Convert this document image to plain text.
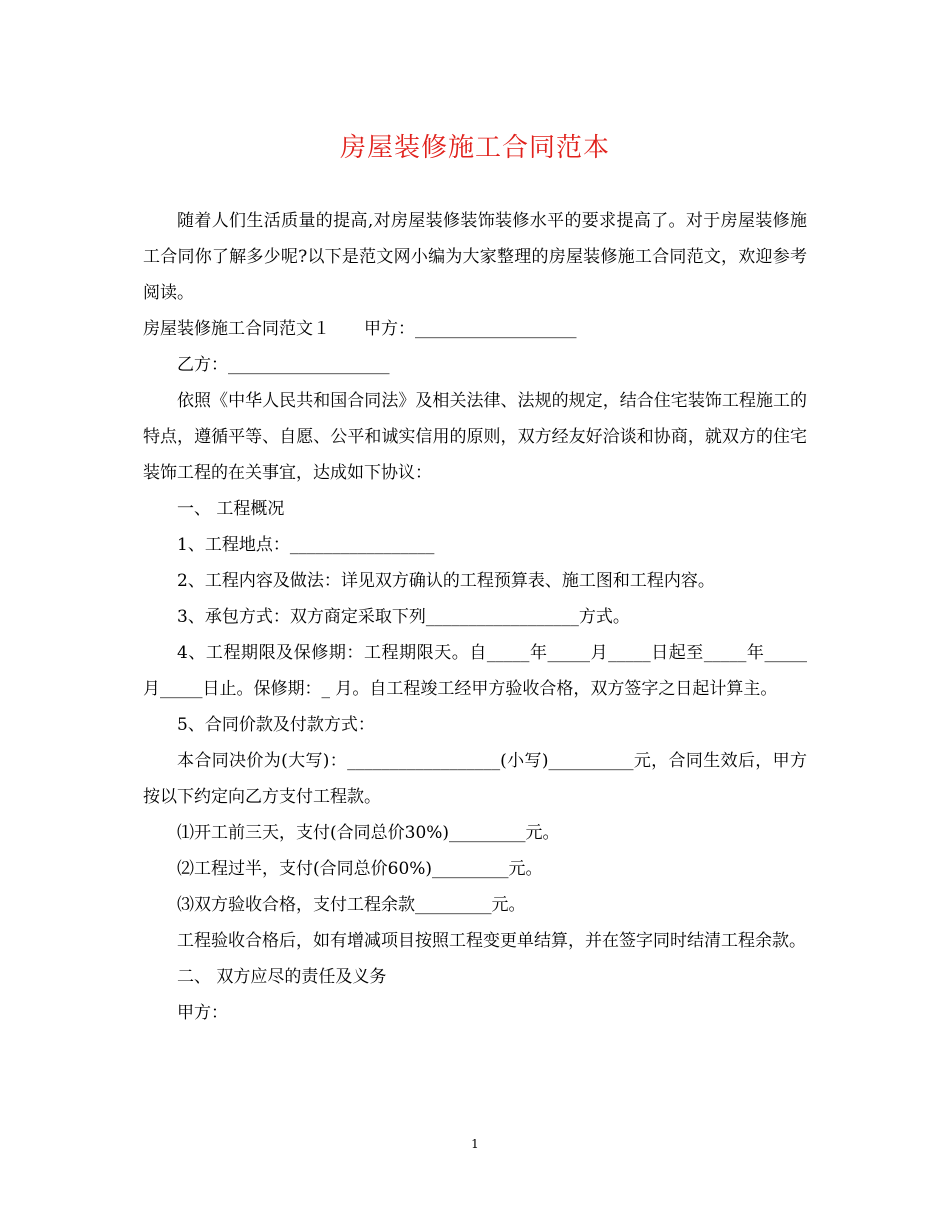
房屋装修施工合同范本

随着人们生活质量的提高,对房屋装修装饰装修水平的要求提高了。对于房屋装修施工合同你了解多少呢?以下是范文网小编为大家整理的房屋装修施工合同范文，欢迎参考阅读。

房屋装修施工合同范文１　　甲方：___________________

乙方：___________________

依照《中华人民共和国合同法》及相关法律、法规的规定，结合住宅装饰工程施工的特点，遵循平等、自愿、公平和诚实信用的原则，双方经友好洽谈和协商，就双方的住宅装饰工程的在关事宜，达成如下协议：

一、 工程概况

1、工程地点：_________________

2、工程内容及做法：详见双方确认的工程预算表、施工图和工程内容。

3、承包方式：双方商定采取下列__________________方式。

4、工程期限及保修期：工程期限天。自_____年_____月_____日起至_____年_____月_____日止。保修期：_ 月。自工程竣工经甲方验收合格，双方签字之日起计算主。

5、合同价款及付款方式：

本合同决价为(大写)：__________________(小写)__________元，合同生效后，甲方按以下约定向乙方支付工程款。

⑴开工前三天，支付(合同总价30%)_________元。

⑵工程过半，支付(合同总价60%)_________元。

⑶双方验收合格，支付工程余款_________元。

工程验收合格后，如有增减项目按照工程变更单结算，并在签字同时结清工程余款。

二、 双方应尽的责任及义务

甲方：

1
